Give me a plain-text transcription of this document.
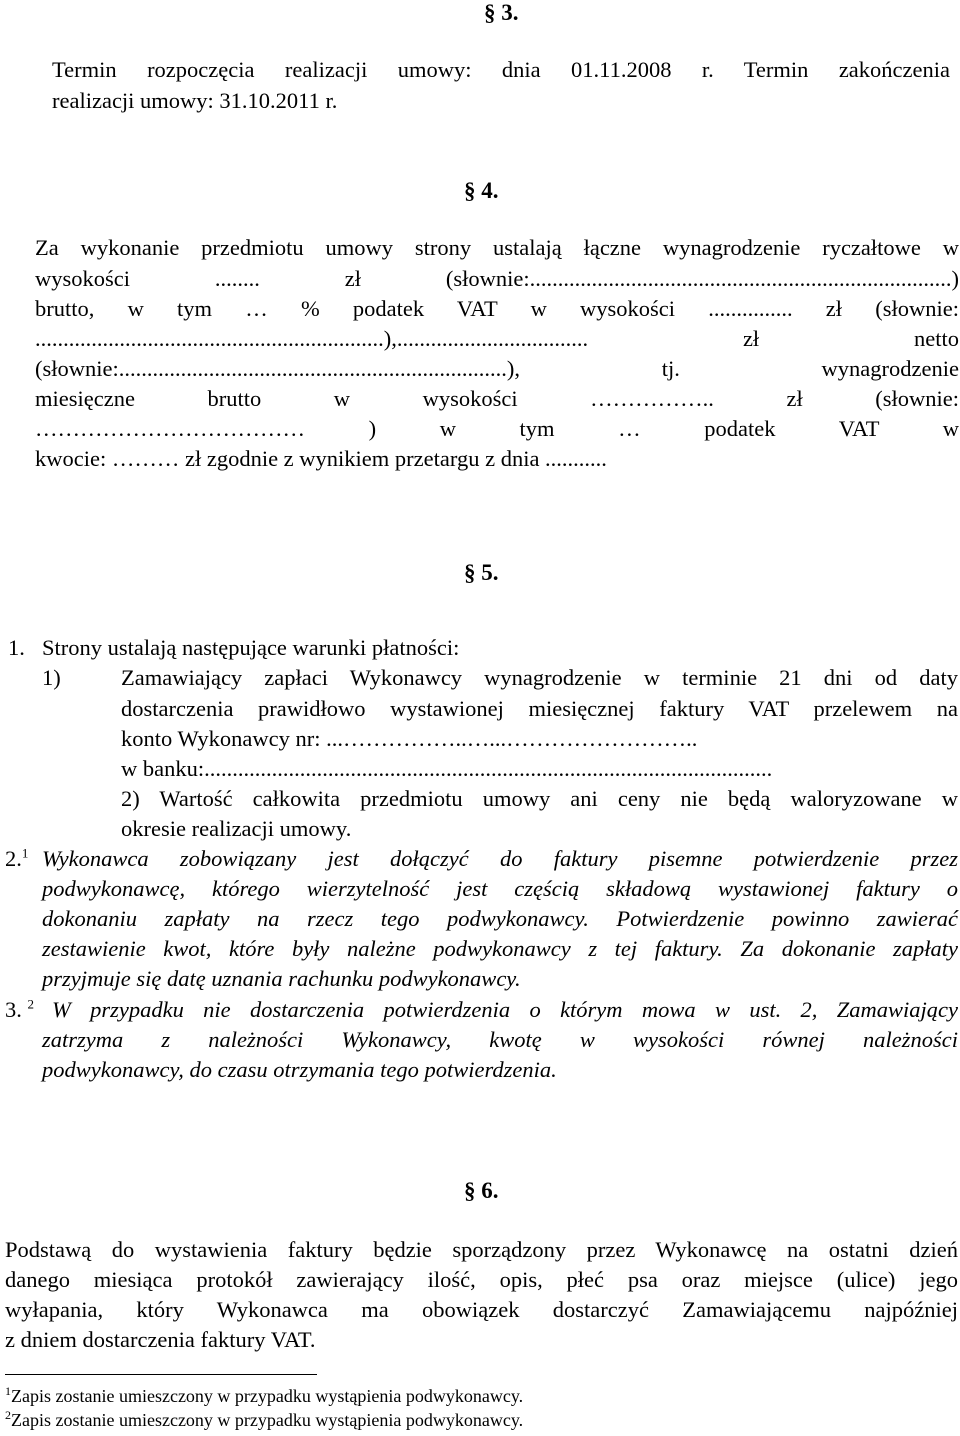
§ 3.
Termin rozpoczęcia realizacji umowy: dnia 01.11.2008 r. Termin zakończenia
realizacji umowy: 31.10.2011 r.
§ 4.
Za wykonanie przedmiotu umowy strony ustalają łączne wynagrodzenie ryczałtowe w
wysokości ........ zł (słownie:...........................................................................)
brutto, w tym … % podatek VAT w wysokości ............... zł (słownie:
..............................................................),.................................. zł netto
(słownie:.....................................................................), tj. wynagrodzenie
miesięczne brutto w wysokości …………….. zł (słownie:
……………………………… ) w tym … podatek VAT w
kwocie: ……… zł zgodnie z wynikiem przetargu z dnia ...........
§ 5.
1. Strony ustalają następujące warunki płatności:
1)	Zamawiający zapłaci Wykonawcy wynagrodzenie w terminie 21 dni od daty
dostarczenia prawidłowo wystawionej miesięcznej faktury VAT przelewem na
konto Wykonawcy nr: ...……………..…...……………………..
w banku:.....................................................................................................
2) Wartość całkowita przedmiotu umowy ani ceny nie będą waloryzowane w
okresie realizacji umowy.
2.$^1$ Wykonawca zobowiązany jest dołączyć do faktury pisemne potwierdzenie przez
podwykonawcę, którego wierzytelność jest częścią składową wystawionej faktury o
dokonaniu zapłaty na rzecz tego podwykonawcy. Potwierdzenie powinno zawierać
zestawienie kwot, które były należne podwykonawcy z tej faktury. Za dokonanie zapłaty
przyjmuje się datę uznania rachunku podwykonawcy.
3. $^2$ W przypadku nie dostarczenia potwierdzenia o którym mowa w ust. 2, Zamawiający
zatrzyma z należności Wykonawcy, kwotę w wysokości równej należności
podwykonawcy, do czasu otrzymania tego potwierdzenia.
§ 6.
Podstawą do wystawienia faktury będzie sporządzony przez Wykonawcę na ostatni dzień
danego miesiąca protokół zawierający ilość, opis, płeć psa oraz miejsce (ulice) jego
wyłapania, który Wykonawca ma obowiązek dostarczyć Zamawiającemu najpóźniej
z dniem dostarczenia faktury VAT.
$^1$Zapis zostanie umieszczony w przypadku wystąpienia podwykonawcy.
$^2$Zapis zostanie umieszczony w przypadku wystąpienia podwykonawcy.
